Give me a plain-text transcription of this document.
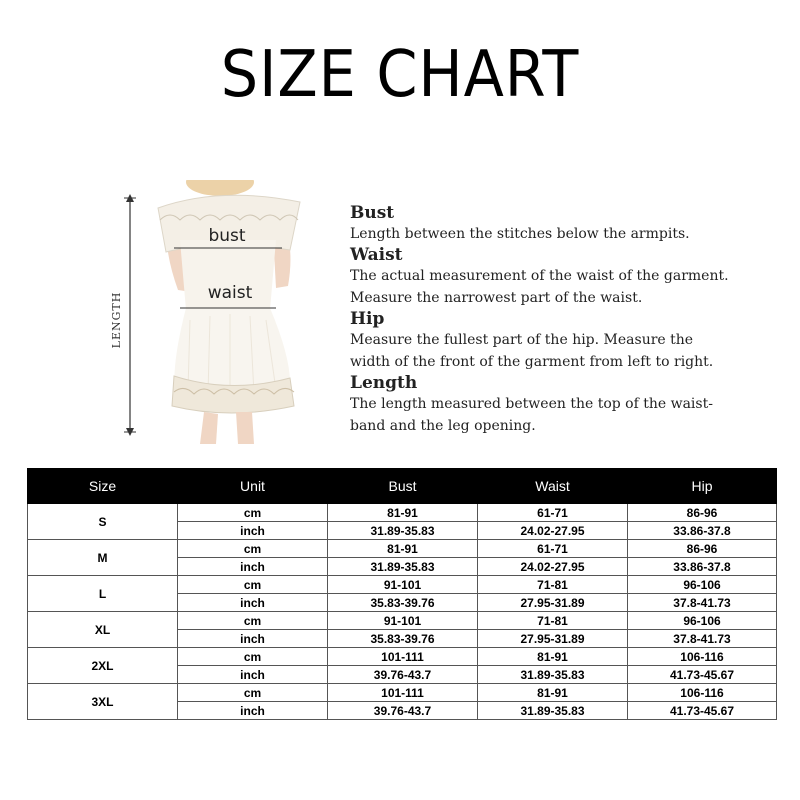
SIZE CHART
LENGTH
bust
waist
Bust
Length between the stitches below the armpits.
Waist
The actual measurement of the waist of the garment.
Measure the narrowest part of the waist.
Hip
Measure the fullest part of the hip. Measure the
width of the front of the garment from left to right.
Length
The length measured between the top of the waist-
band and the leg opening.
Size	Unit	Bust	Waist	Hip
S	cm	81-91	61-71	86-96
	inch	31.89-35.83	24.02-27.95	33.86-37.8
M	cm	81-91	61-71	86-96
	inch	31.89-35.83	24.02-27.95	33.86-37.8
L	cm	91-101	71-81	96-106
	inch	35.83-39.76	27.95-31.89	37.8-41.73
XL	cm	91-101	71-81	96-106
	inch	35.83-39.76	27.95-31.89	37.8-41.73
2XL	cm	101-111	81-91	106-116
	inch	39.76-43.7	31.89-35.83	41.73-45.67
3XL	cm	101-111	81-91	106-116
	inch	39.76-43.7	31.89-35.83	41.73-45.67
